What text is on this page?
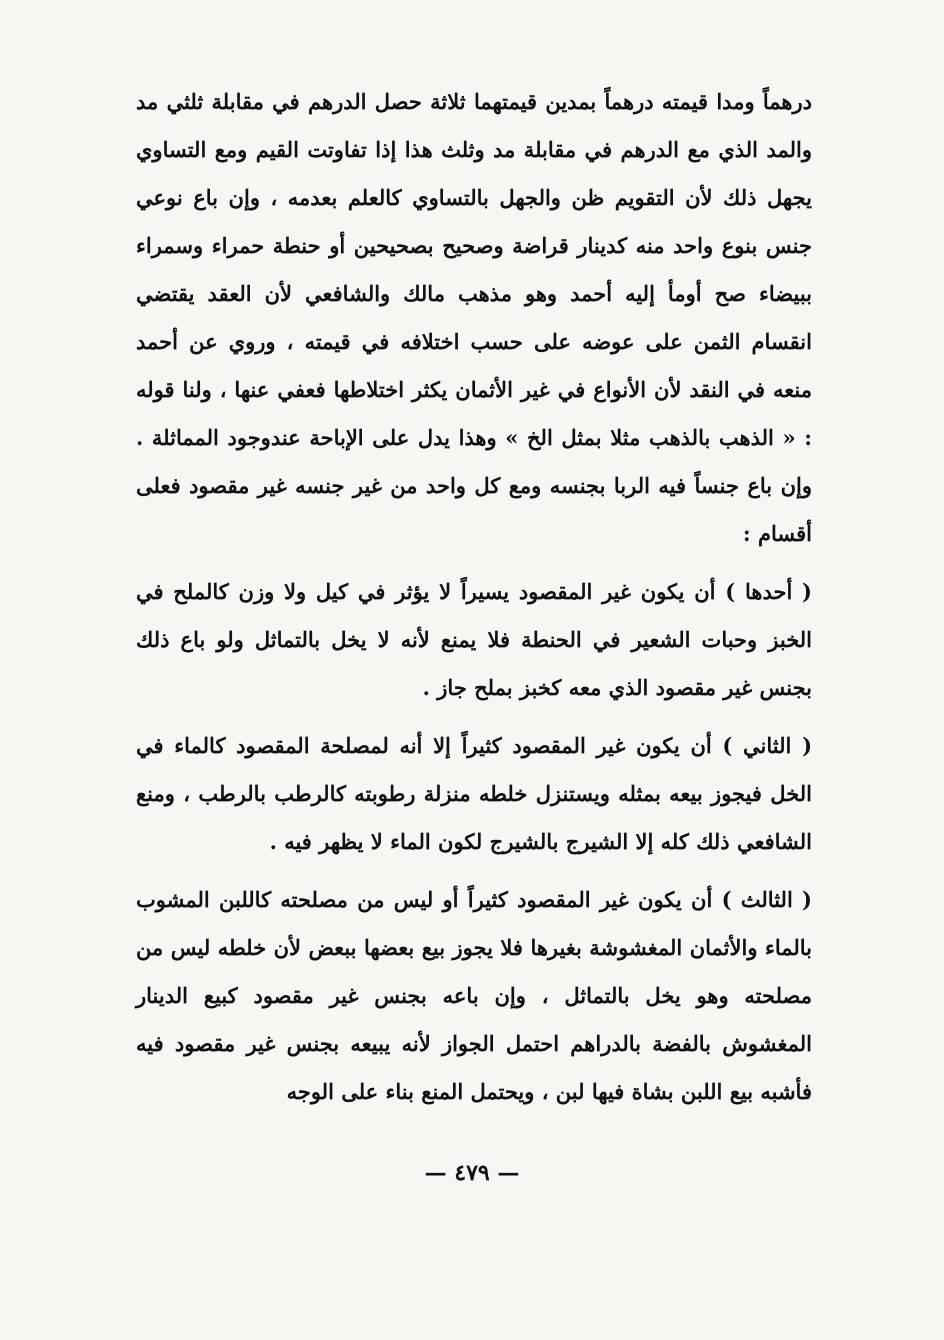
درهماً ومدا قيمته درهماً بمدين قيمتهما ثلاثة حصل الدرهم في مقابلة ثلثي مد والمد الذي مع الدرهم في مقابلة مد وثلث هذا إذا تفاوتت القيم ومع التساوي يجهل ذلك لأن التقويم ظن والجهل بالتساوي كالعلم بعدمه ، وإن باع نوعي جنس بنوع واحد منه كدينار قراضة وصحيح بصحيحين أو حنطة حمراء وسمراء ببيضاء صح أومأ إليه أحمد وهو مذهب مالك والشافعي لأن العقد يقتضي انقسام الثمن على عوضه على حسب اختلافه في قيمته ، وروي عن أحمد منعه في النقد لأن الأنواع في غير الأثمان يكثر اختلاطها فعفي عنها ، ولنا قوله : « الذهب بالذهب مثلا بمثل الخ » وهذا يدل على الإباحة عندوجود المماثلة . وإن باع جنساً فيه الربا بجنسه ومع كل واحد من غير جنسه غير مقصود فعلى أقسام :

( أحدها ) أن يكون غير المقصود يسيراً لا يؤثر في كيل ولا وزن كالملح في الخبز وحبات الشعير في الحنطة فلا يمنع لأنه لا يخل بالتماثل ولو باع ذلك بجنس غير مقصود الذي معه كخبز بملح جاز .

( الثاني ) أن يكون غير المقصود كثيراً إلا أنه لمصلحة المقصود كالماء في الخل فيجوز بيعه بمثله ويستنزل خلطه منزلة رطوبته كالرطب بالرطب ، ومنع الشافعي ذلك كله إلا الشيرج بالشيرج لكون الماء لا يظهر فيه .

( الثالث ) أن يكون غير المقصود كثيراً أو ليس من مصلحته كاللبن المشوب بالماء والأثمان المغشوشة بغيرها فلا يجوز بيع بعضها ببعض لأن خلطه ليس من مصلحته وهو يخل بالتماثل ، وإن باعه بجنس غير مقصود كبيع الدينار المغشوش بالفضة بالدراهم احتمل الجواز لأنه يبيعه بجنس غير مقصود فيه فأشبه بيع اللبن بشاة فيها لبن ، ويحتمل المنع بناء على الوجه

— ٤٧٩ —
